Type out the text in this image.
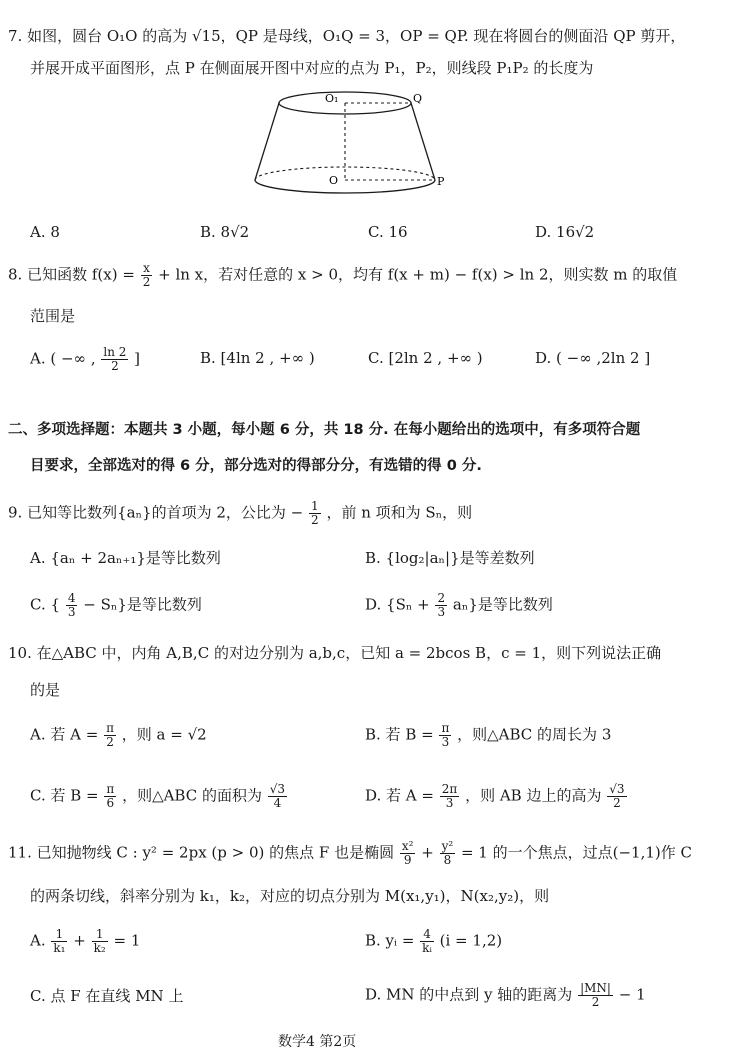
7. 如图，圆台 O₁O 的高为 √15，QP 是母线，O₁Q = 3，OP = QP. 现在将圆台的侧面沿 QP 剪开，
并展开成平面图形，点 P 在侧面展开图中对应的点为 P₁，P₂，则线段 P₁P₂ 的长度为
O₁	Q
O	P
A. 8	B. 8√2	C. 16	D. 16√2
8. 已知函数 $f(x) = \frac{x}{2} + \ln x$，若对任意的 x > 0，均有 f(x + m) − f(x) > ln 2，则实数 m 的取值
范围是
A. ( −∞ , $\frac{\ln 2}{2}$ ]	B. [4ln 2 , +∞ )	C. [2ln 2 , +∞ )	D. ( −∞ ,2ln 2 ]
二、多项选择题：本题共 3 小题，每小题 6 分，共 18 分. 在每小题给出的选项中，有多项符合题
目要求，全部选对的得 6 分，部分选对的得部分分，有选错的得 0 分.
9. 已知等比数列{aₙ}的首项为 2，公比为 − $\frac{1}{2}$ ，前 n 项和为 Sₙ，则
A. {aₙ + 2aₙ₊₁}是等比数列	B. {log₂|aₙ|}是等差数列
C. { $\frac{4}{3} - S_n$}是等比数列	D. $\{S_n + \frac{2}{3} a_n\}$是等比数列
10. 在△ABC 中，内角 A,B,C 的对边分别为 a,b,c，已知 a = 2bcos B，c = 1，则下列说法正确
的是
A. 若 $A = \frac{\pi}{2}$ ，则 a = √2	B. 若 $B = \frac{\pi}{3}$ ，则△ABC 的周长为 3
C. 若 $B = \frac{\pi}{6}$ ，则△ABC 的面积为 $\frac{√3}{4}$	D. 若 $A = \frac{2\pi}{3}$ ，则 AB 边上的高为 $\frac{√3}{2}$
11. 已知抛物线 C : y² = 2px (p > 0) 的焦点 F 也是椭圆 $\frac{\text{x²}}{9} + \frac{\text{y²}}{8} = 1$ 的一个焦点，过点(−1,1)作 C
的两条切线，斜率分别为 k₁，k₂，对应的切点分别为 M(x₁,y₁)，N(x₂,y₂)，则
A. $\frac{1}{\text{k₁}} + \frac{1}{\text{k₂}} = 1$	B. yᵢ = $\frac{4}{\text{kᵢ}} (i = 1,2)$
C. 点 F 在直线 MN 上	D. MN 的中点到 y 轴的距离为 $\frac{|MN|}{2} - 1$
数学4 第2页
